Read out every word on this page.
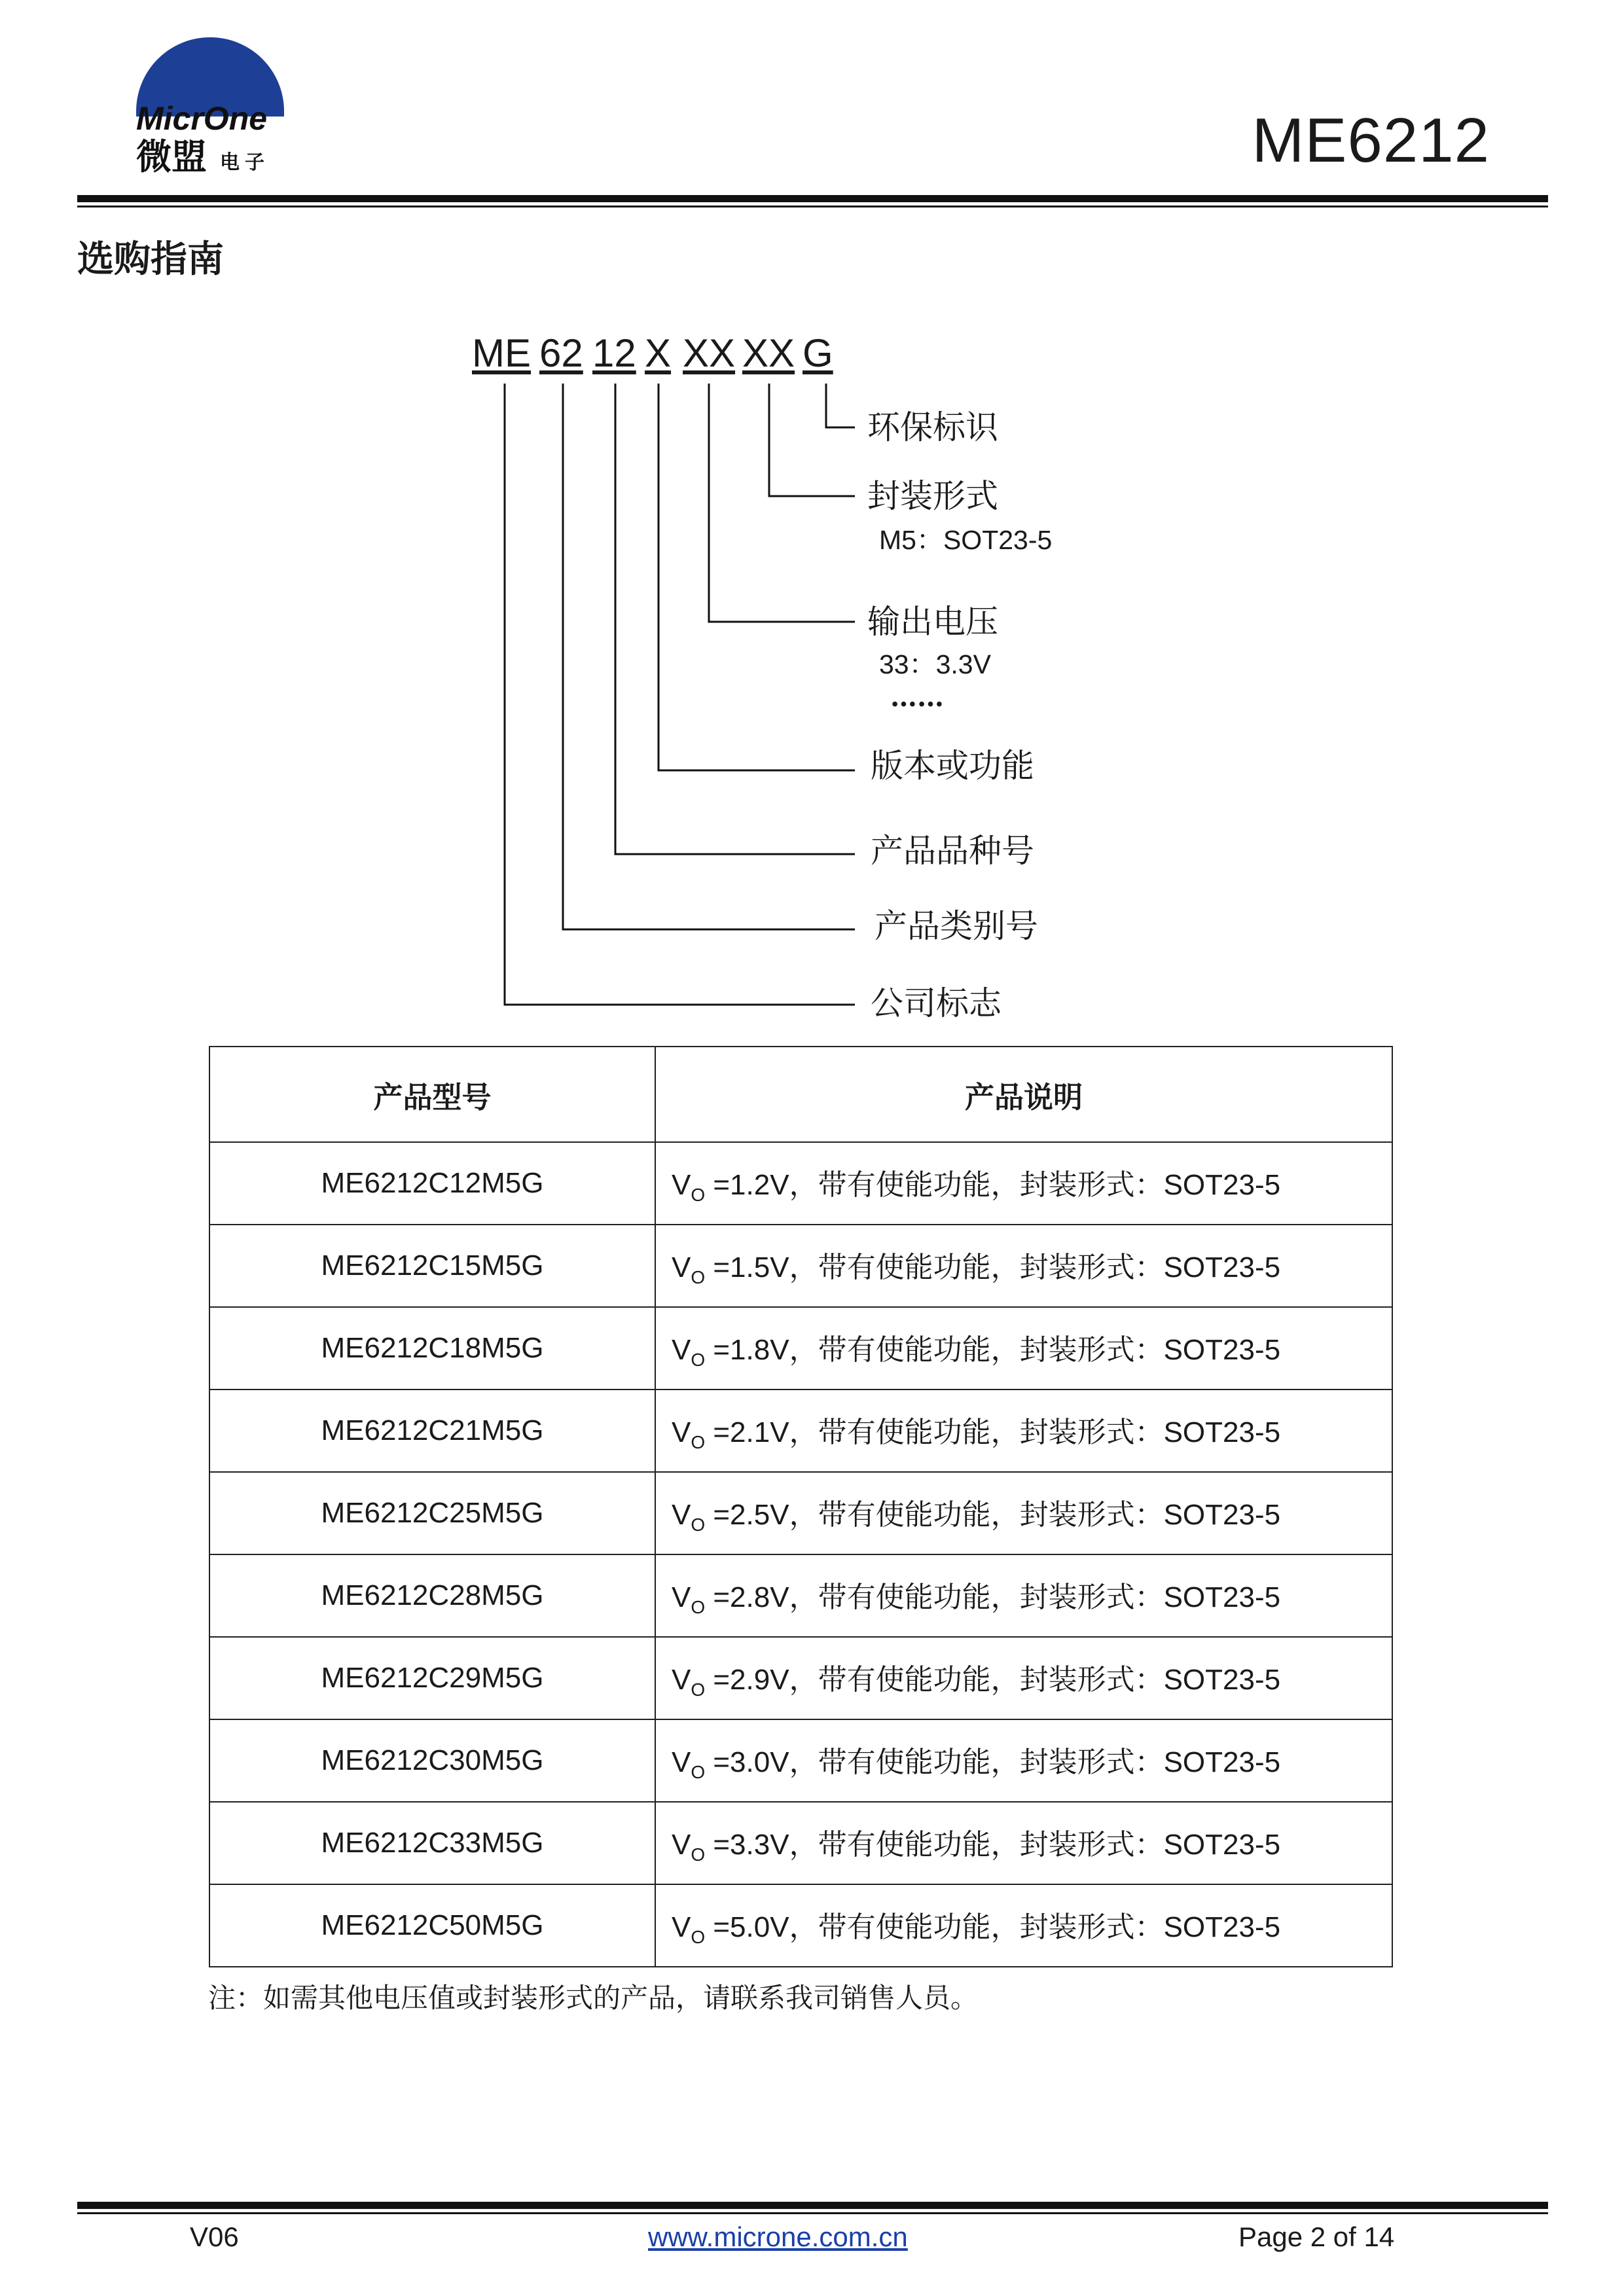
MicrOne
微盟 电子	ME6212
选购指南
ME 62 12 X XX XX G
环保标识
封装形式
M5：SOT23-5
输出电压
33：3.3V
……
版本或功能
产品品种号
产品类别号
公司标志
产品型号	产品说明
ME6212C12M5G	$V_O =1.2V$，带有使能功能，封装形式：SOT23-5
ME6212C15M5G	$V_O =1.5V$，带有使能功能，封装形式：SOT23-5
ME6212C18M5G	$V_O =1.8V$，带有使能功能，封装形式：SOT23-5
ME6212C21M5G	$V_O =2.1V$，带有使能功能，封装形式：SOT23-5
ME6212C25M5G	$V_O =2.5V$，带有使能功能，封装形式：SOT23-5
ME6212C28M5G	$V_O =2.8V$，带有使能功能，封装形式：SOT23-5
ME6212C29M5G	$V_O =2.9V$，带有使能功能，封装形式：SOT23-5
ME6212C30M5G	$V_O =3.0V$，带有使能功能，封装形式：SOT23-5
ME6212C33M5G	$V_O =3.3V$，带有使能功能，封装形式：SOT23-5
ME6212C50M5G	$V_O =5.0V$，带有使能功能，封装形式：SOT23-5
注：如需其他电压值或封装形式的产品，请联系我司销售人员。
V06	www.microne.com.cn	Page 2 of 14
